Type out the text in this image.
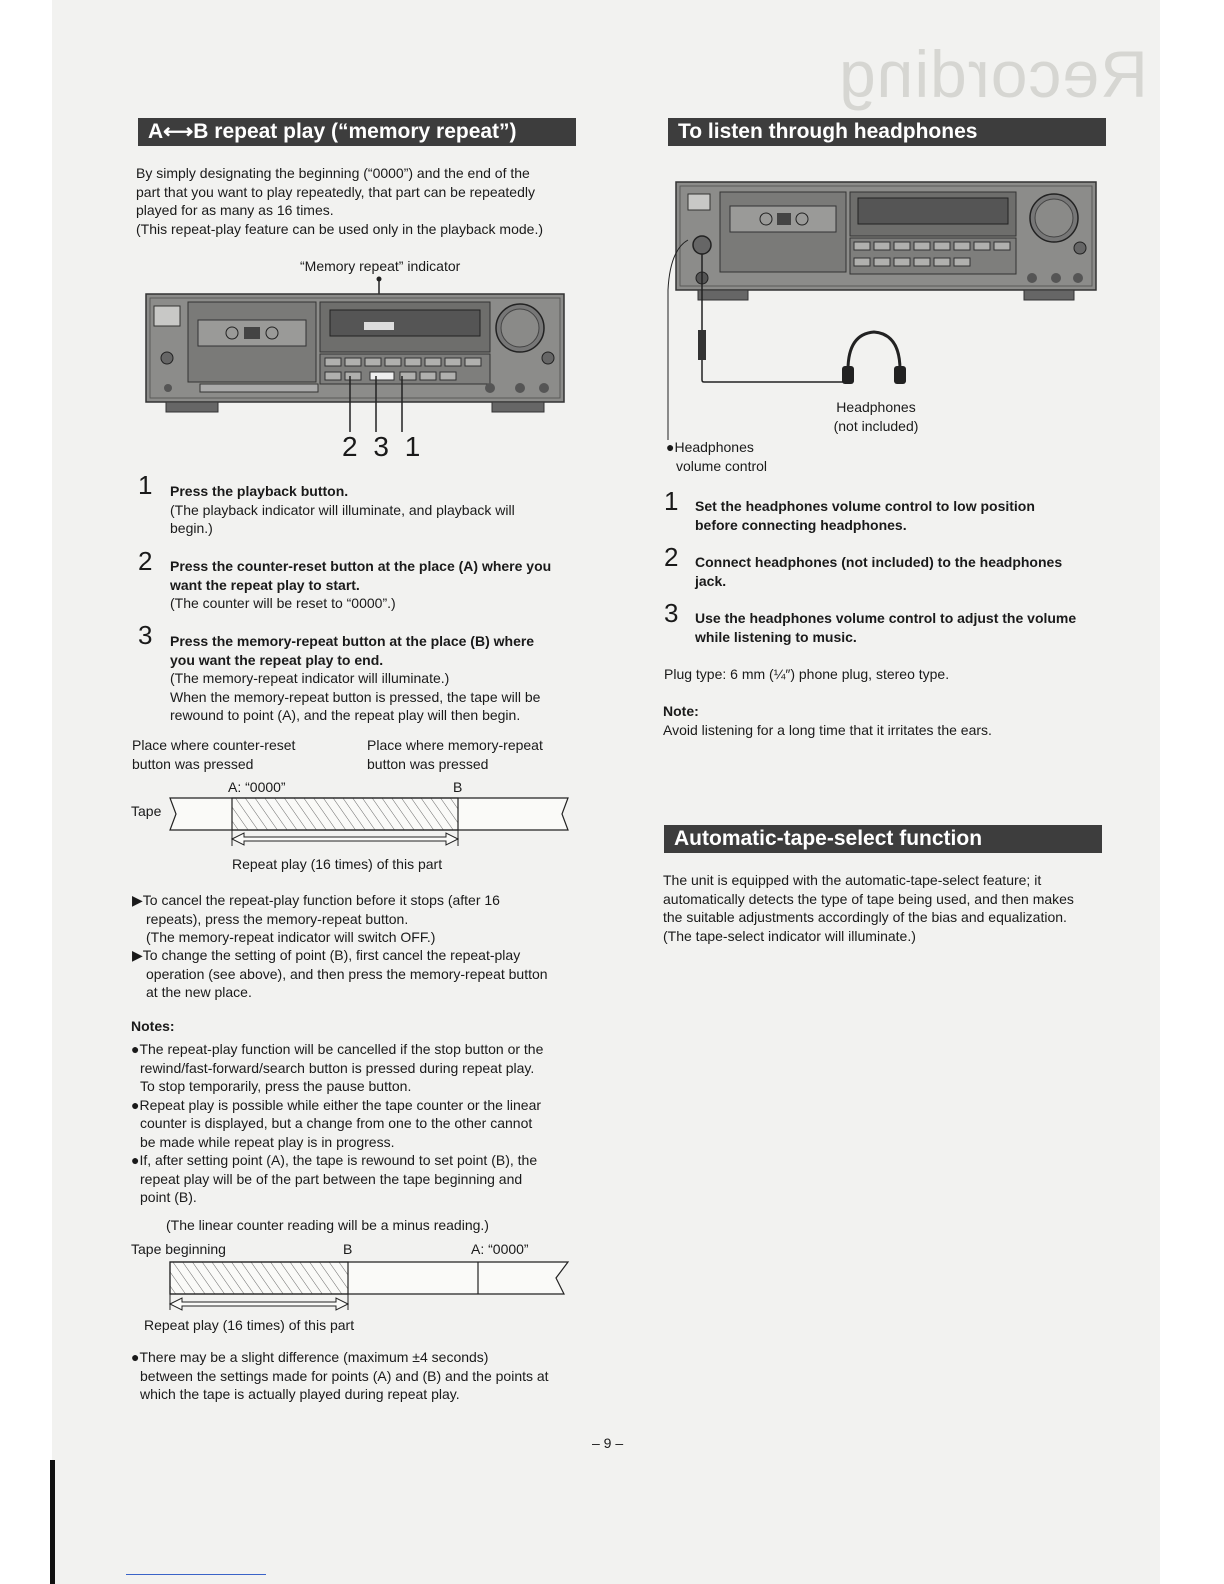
Recording
A⟷B repeat play (“memory repeat”)
By simply designating the beginning (“0000”) and the end of the
part that you want to play repeatedly, that part can be repeatedly
played for as many as 16 times.
(This repeat-play feature can be used only in the playback mode.)
“Memory repeat” indicator
2 3 1
1 Press the playback button.
(The playback indicator will illuminate, and playback will
begin.)
2 Press the counter-reset button at the place (A) where you
want the repeat play to start.
(The counter will be reset to “0000”.)
3 Press the memory-repeat button at the place (B) where
you want the repeat play to end.
(The memory-repeat indicator will illuminate.)
When the memory-repeat button is pressed, the tape will be
rewound to point (A), and the repeat play will then begin.
Place where counter-reset
button was pressed
Place where memory-repeat
button was pressed
A: “0000”	B
Tape
Repeat play (16 times) of this part
▶To cancel the repeat-play function before it stops (after 16
repeats), press the memory-repeat button.
(The memory-repeat indicator will switch OFF.)
▶To change the setting of point (B), first cancel the repeat-play
operation (see above), and then press the memory-repeat button
at the new place.
Notes:
●The repeat-play function will be cancelled if the stop button or the
rewind/fast-forward/search button is pressed during repeat play.
To stop temporarily, press the pause button.
●Repeat play is possible while either the tape counter or the linear
counter is displayed, but a change from one to the other cannot
be made while repeat play is in progress.
●If, after setting point (A), the tape is rewound to set point (B), the
repeat play will be of the part between the tape beginning and
point (B).
(The linear counter reading will be a minus reading.)
Tape beginning	B	A: “0000”
Repeat play (16 times) of this part
●There may be a slight difference (maximum ±4 seconds)
between the settings made for points (A) and (B) and the points at
which the tape is actually played during repeat play.
To listen through headphones
Headphones
(not included)
●Headphones
volume control
1 Set the headphones volume control to low position
before connecting headphones.
2 Connect headphones (not included) to the headphones
jack.
3 Use the headphones volume control to adjust the volume
while listening to music.
Plug type: 6 mm (¼″) phone plug, stereo type.
Note:
Avoid listening for a long time that it irritates the ears.
Automatic-tape-select function
The unit is equipped with the automatic-tape-select feature; it
automatically detects the type of tape being used, and then makes
the suitable adjustments accordingly of the bias and equalization.
(The tape-select indicator will illuminate.)
– 9 –
